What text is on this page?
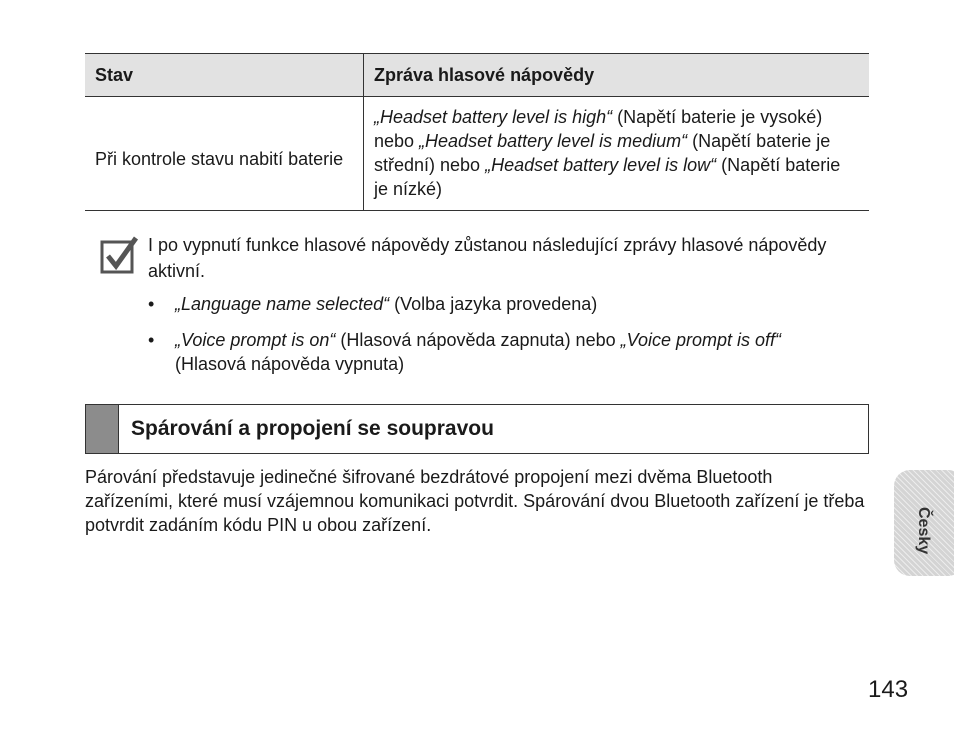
Stav	Zpráva hlasové nápovědy
Při kontrole stavu nabití baterie	„Headset battery level is high“ (Napětí baterie je vysoké) nebo „Headset battery level is medium“ (Napětí baterie je střední) nebo „Headset battery level is low“ (Napětí baterie je nízké)
I po vypnutí funkce hlasové nápovědy zůstanou následující zprávy hlasové nápovědy aktivní.
• „Language name selected“ (Volba jazyka provedena)
• „Voice prompt is on“ (Hlasová nápověda zapnuta) nebo „Voice prompt is off“ (Hlasová nápověda vypnuta)
Spárování a propojení se soupravou

Párování představuje jedinečné šifrované bezdrátové propojení mezi dvěma Bluetooth zařízeními, které musí vzájemnou komunikaci potvrdit. Spárování dvou Bluetooth zařízení je třeba potvrdit zadáním kódu PIN u obou zařízení.	Česky
143
